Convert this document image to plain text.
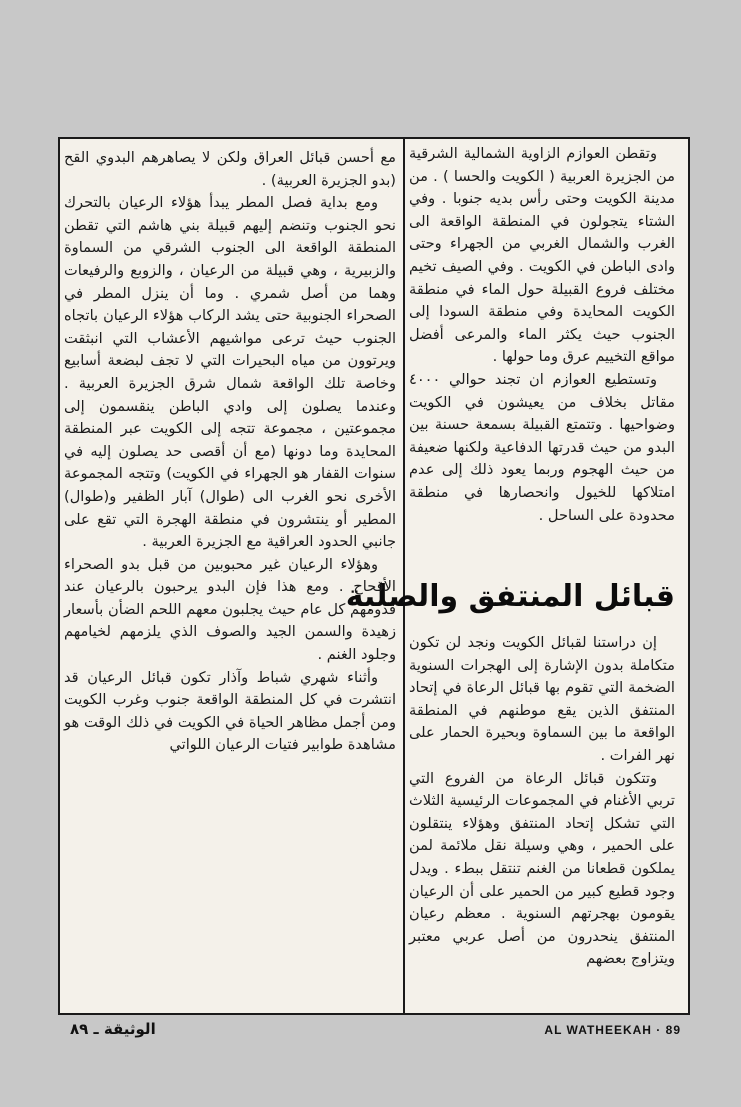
وتقطن العوازم الزاوية الشمالية الشرقية من الجزيرة العربية ( الكويت والحسا ) . من مدينة الكويت وحتى رأس بديه جنوبا . وفي الشتاء يتجولون في المنطقة الواقعة الى الغرب والشمال الغربي من الجهراء وحتى وادى الباطن في الكويت . وفي الصيف تخيم مختلف فروع القبيلة حول الماء في منطقة الكويت المحايدة وفي منطقة السودا إلى الجنوب حيث يكثر الماء والمرعى أفضل مواقع التخييم عرق وما حولها .

وتستطيع العوازم ان تجند حوالي ٤٠٠٠ مقاتل بخلاف من يعيشون في الكويت وضواحيها . وتتمتع القبيلة بسمعة حسنة بين البدو من حيث قدرتها الدفاعية ولكنها ضعيفة من حيث الهجوم وربما يعود ذلك إلى عدم امتلاكها للخيول وانحصارها في منطقة محدودة على الساحل .

قبائل المنتفق والصلبة

إن دراستنا لقبائل الكويت ونجد لن تكون متكاملة بدون الإشارة إلى الهجرات السنوية الضخمة التي تقوم بها قبائل الرعاة في إتحاد المنتفق الذين يقع موطنهم في المنطقة الواقعة ما بين السماوة وبحيرة الحمار على نهر الفرات .

وتتكون قبائل الرعاة من الفروع التي تربي الأغنام في المجموعات الرئيسية الثلاث التي تشكل إتحاد المنتفق وهؤلاء ينتقلون على الحمير ، وهي وسيلة نقل ملائمة لمن يملكون قطعانا من الغنم تنتقل ببطء . ويدل وجود قطيع كبير من الحمير على أن الرعيان يقومون بهجرتهم السنوية . معظم رعيان المنتفق ينحدرون من أصل عربي معتبر ويتزاوج بعضهم

مع أحسن قبائل العراق ولكن لا يصاهرهم البدوي القح (بدو الجزيرة العربية) .

ومع بداية فصل المطر يبدأ هؤلاء الرعيان بالتحرك نحو الجنوب وتنضم إليهم قبيلة بني هاشم التي تقطن المنطقة الواقعة الى الجنوب الشرقي من السماوة والزبيرية ، وهي قبيلة من الرعيان ، والزوبع والرفيعات وهما من أصل شمري . وما أن ينزل المطر في الصحراء الجنوبية حتى يشد الركاب هؤلاء الرعيان باتجاه الجنوب حيث ترعى مواشيهم الأعشاب التي انبثقت ويرتوون من مياه البحيرات التي لا تجف لبضعة أسابيع وخاصة تلك الواقعة شمال شرق الجزيرة العربية . وعندما يصلون إلى وادي الباطن ينقسمون إلى مجموعتين ، مجموعة تتجه إلى الكويت عبر المنطقة المحايدة وما دونها (مع أن أقصى حد يصلون إليه في سنوات القفار هو الجهراء في الكويت) وتتجه المجموعة الأخرى نحو الغرب الى (طوال) آبار الظفير و(طوال) المطير أو ينتشرون في منطقة الهجرة التي تقع على جانبي الحدود العراقية مع الجزيرة العربية .

وهؤلاء الرعيان غير محبوبين من قبل بدو الصحراء الأقحاح . ومع هذا فإن البدو يرحبون بالرعيان عند قدومهم كل عام حيث يجلبون معهم اللحم الضأن بأسعار زهيدة والسمن الجيد والصوف الذي يلزمهم لخيامهم وجلود الغنم .

وأثناء شهري شباط وآذار تكون قبائل الرعيان قد انتشرت في كل المنطقة الواقعة جنوب وغرب الكويت ومن أجمل مظاهر الحياة في الكويت في ذلك الوقت هو مشاهدة طوابير فتيات الرعيان اللواتي

الوثيقة ـ ٨٩	AL WATHEEKAH · 89
